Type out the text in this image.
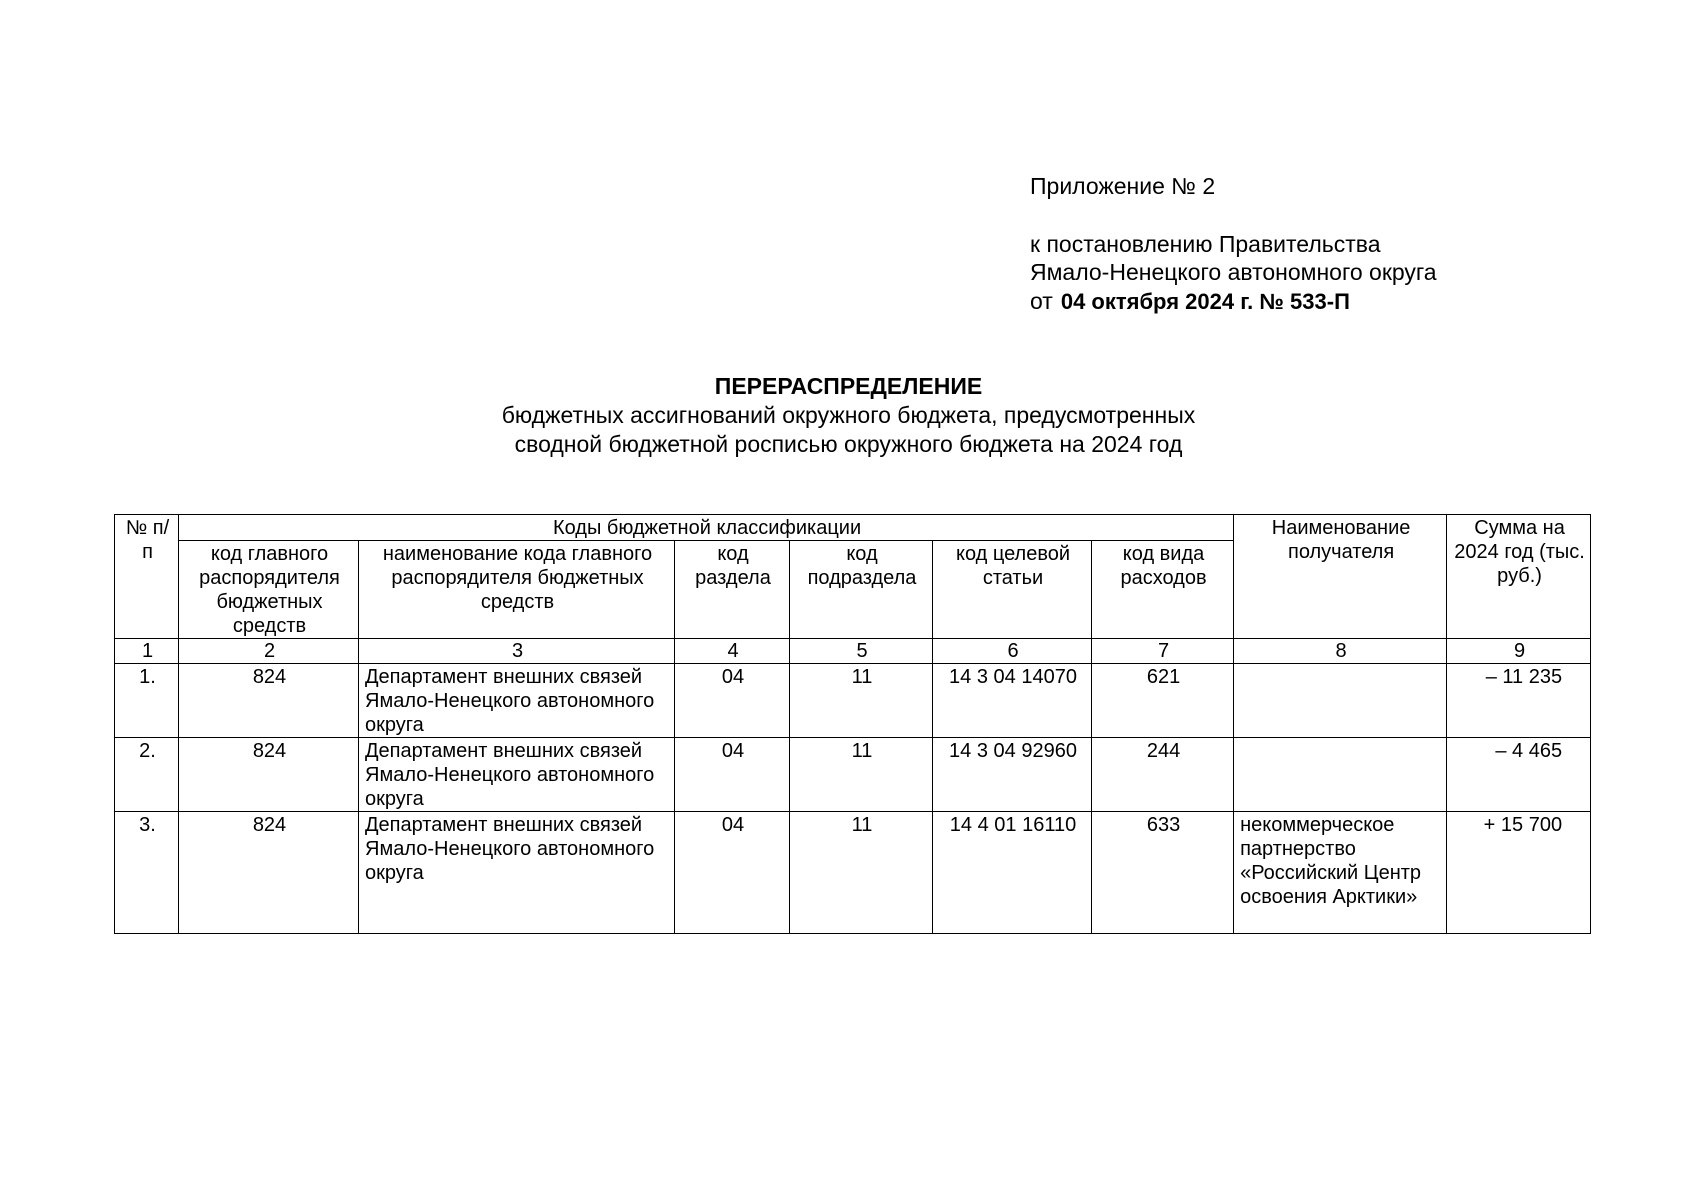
Приложение № 2
к постановлению Правительства
Ямало-Ненецкого автономного округа
от 04 октября 2024 г. № 533-П
ПЕРЕРАСПРЕДЕЛЕНИЕ
бюджетных ассигнований окружного бюджета, предусмотренных
сводной бюджетной росписью окружного бюджета на 2024 год
№ п/п	Коды бюджетной классификации						Наименование получателя	Сумма на 2024 год (тыс. руб.)
	код главного распорядителя бюджетных средств	наименование кода главного распорядителя бюджетных средств	код раздела	код подраздела	код целевой статьи	код вида расходов		
1	2	3	4	5	6	7	8	9
1.	824	Департамент внешних связей Ямало-Ненецкого автономного округа	04	11	14 3 04 14070	621		– 11 235
2.	824	Департамент внешних связей Ямало-Ненецкого автономного округа	04	11	14 3 04 92960	244		– 4 465
3.	824	Департамент внешних связей Ямало-Ненецкого автономного округа	04	11	14 4 01 16110	633	некоммерческое партнерство «Российский Центр освоения Арктики»	+ 15 700
